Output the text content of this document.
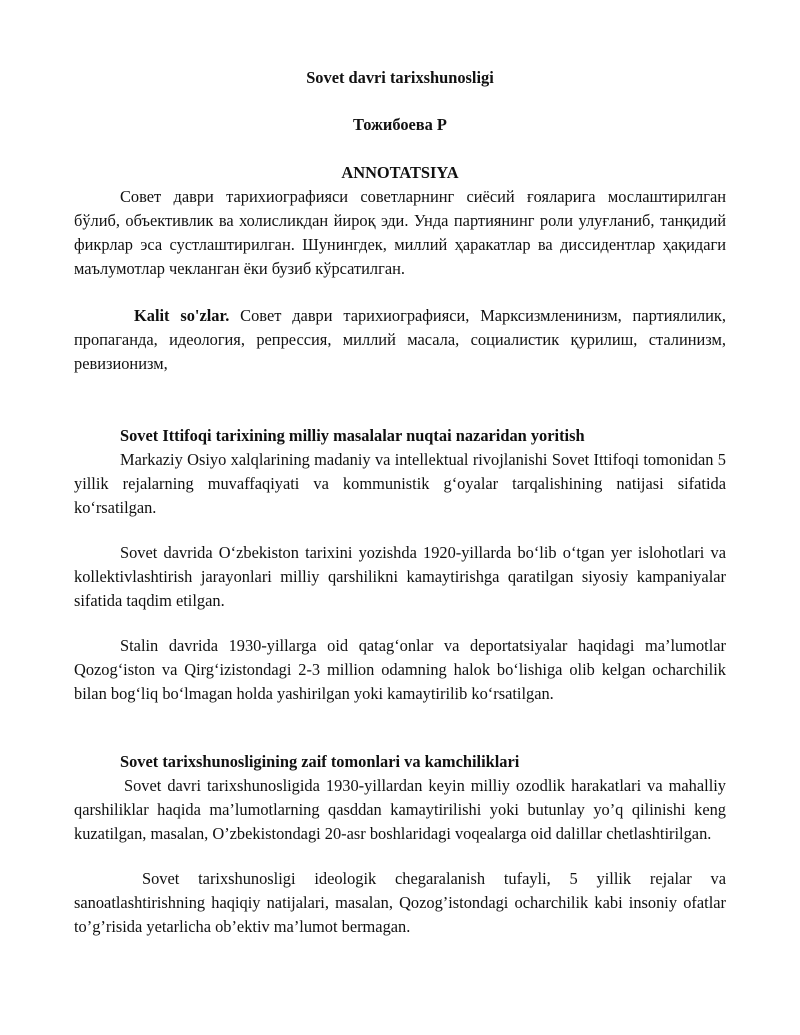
Sovet davri tarixshunosligi
Тожибоева Р
ANNOTATSIYA

Совет даври тарихиографияси советларнинг сиёсий ғояларига мослаштирилган бўлиб, объективлик ва холисликдан йироқ эди. Унда партиянинг роли улуғланиб, танқидий фикрлар эса сустлаштирилган. Шунингдек, миллий ҳаракатлар ва диссидентлар ҳақидаги маълумотлар чекланган ёки бузиб кўрсатилган.

Kalit so'zlar. Совет даври тарихиографияси, Марксизмленинизм, партиялилик, пропаганда, идеология, репрессия, миллий масала, социалистик қурилиш, сталинизм, ревизионизм,

Sovet Ittifoqi tarixining milliy masalalar nuqtai nazaridan yoritish

Markaziy Osiyo xalqlarining madaniy va intellektual rivojlanishi Sovet Ittifoqi tomonidan 5 yillik rejalarning muvaffaqiyati va kommunistik g‘oyalar tarqalishining natijasi sifatida ko‘rsatilgan.

Sovet davrida O‘zbekiston tarixini yozishda 1920-yillarda bo‘lib o‘tgan yer islohotlari va kollektivlashtirish jarayonlari milliy qarshilikni kamaytirishga qaratilgan siyosiy kampaniyalar sifatida taqdim etilgan.

Stalin davrida 1930-yillarga oid qatag‘onlar va deportatsiyalar haqidagi ma’lumotlar Qozog‘iston va Qirg‘izistondagi 2-3 million odamning halok bo‘lishiga olib kelgan ocharchilik bilan bog‘liq bo‘lmagan holda yashirilgan yoki kamaytirilib ko‘rsatilgan.

Sovet tarixshunosligining zaif tomonlari va kamchiliklari

Sovet davri tarixshunosligida 1930-yillardan keyin milliy ozodlik harakatlari va mahalliy qarshiliklar haqida ma’lumotlarning qasddan kamaytirilishi yoki butunlay yo’q qilinishi keng kuzatilgan, masalan, O’zbekistondagi 20-asr boshlaridagi voqealarga oid dalillar chetlashtirilgan.

Sovet tarixshunosligi ideologik chegaralanish tufayli, 5 yillik rejalar va sanoatlashtirishning haqiqiy natijalari, masalan, Qozog’istondagi ocharchilik kabi insoniy ofatlar to’g’risida yetarlicha ob’ektiv ma’lumot bermagan.
